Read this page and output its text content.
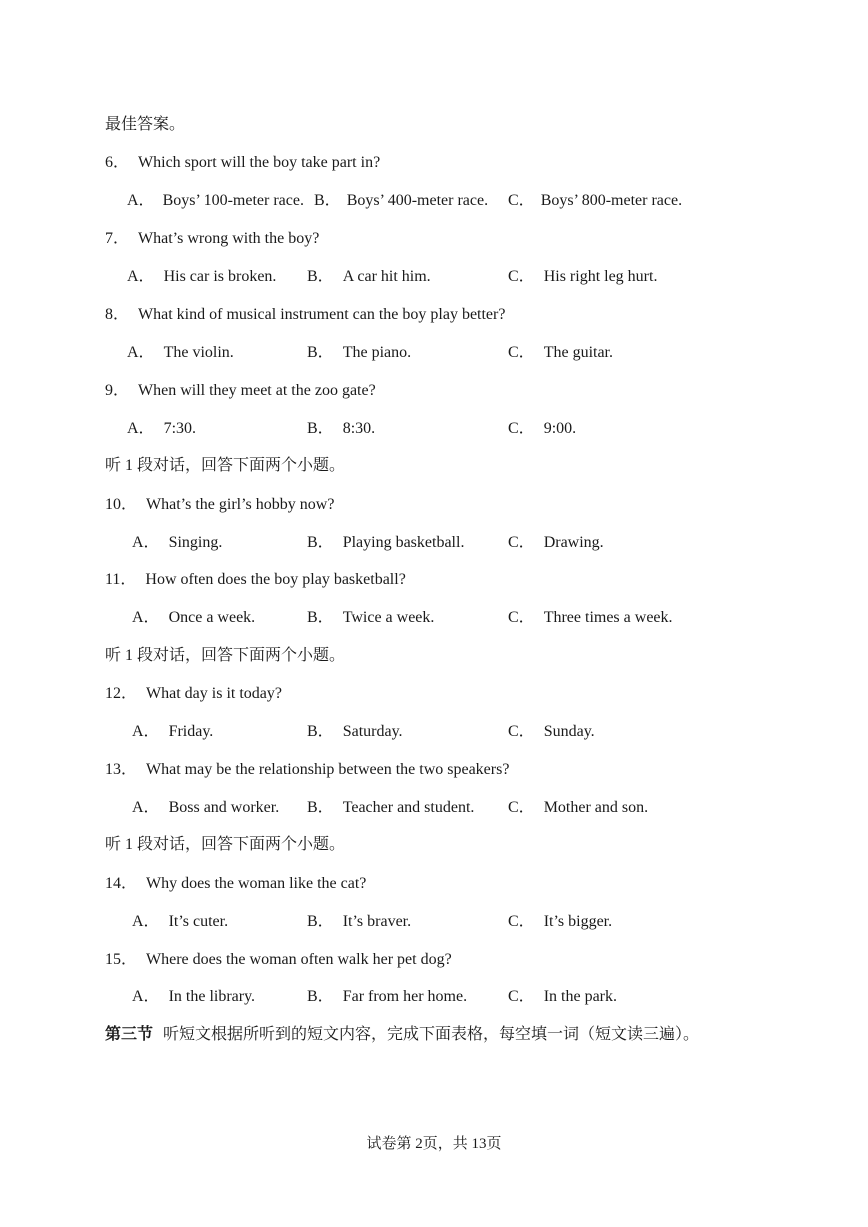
最佳答案。
6． Which sport will the boy take part in?
A． Boys’ 100-meter race. B． Boys’ 400-meter race. C． Boys’ 800-meter race.
7． What’s wrong with the boy?
A． His car is broken. B． A car hit him.	C． His right leg hurt.
8． What kind of musical instrument can the boy play better?
A． The violin.	B． The piano.	C． The guitar.
9． When will they meet at the zoo gate?
A． 7:30.	B． 8:30.	C． 9:00.
听 1 段对话，回答下面两个小题。
10． What’s the girl’s hobby now?
A． Singing.	B． Playing basketball.	C． Drawing.
11． How often does the boy play basketball?
A． Once a week.	B． Twice a week.	C． Three times a week.
听 1 段对话，回答下面两个小题。
12． What day is it today?
A． Friday.	B． Saturday.	C． Sunday.
13． What may be the relationship between the two speakers?
A． Boss and worker. B． Teacher and student. C． Mother and son.
听 1 段对话，回答下面两个小题。
14． Why does the woman like the cat?
A． It’s cuter.	B． It’s braver.	C． It’s bigger.
15． Where does the woman often walk her pet dog?
A． In the library.	B． Far from her home.	C． In the park.
第三节 听短文根据所听到的短文内容，完成下面表格，每空填一词（短文读三遍）。
试卷第 2页，共 13页
